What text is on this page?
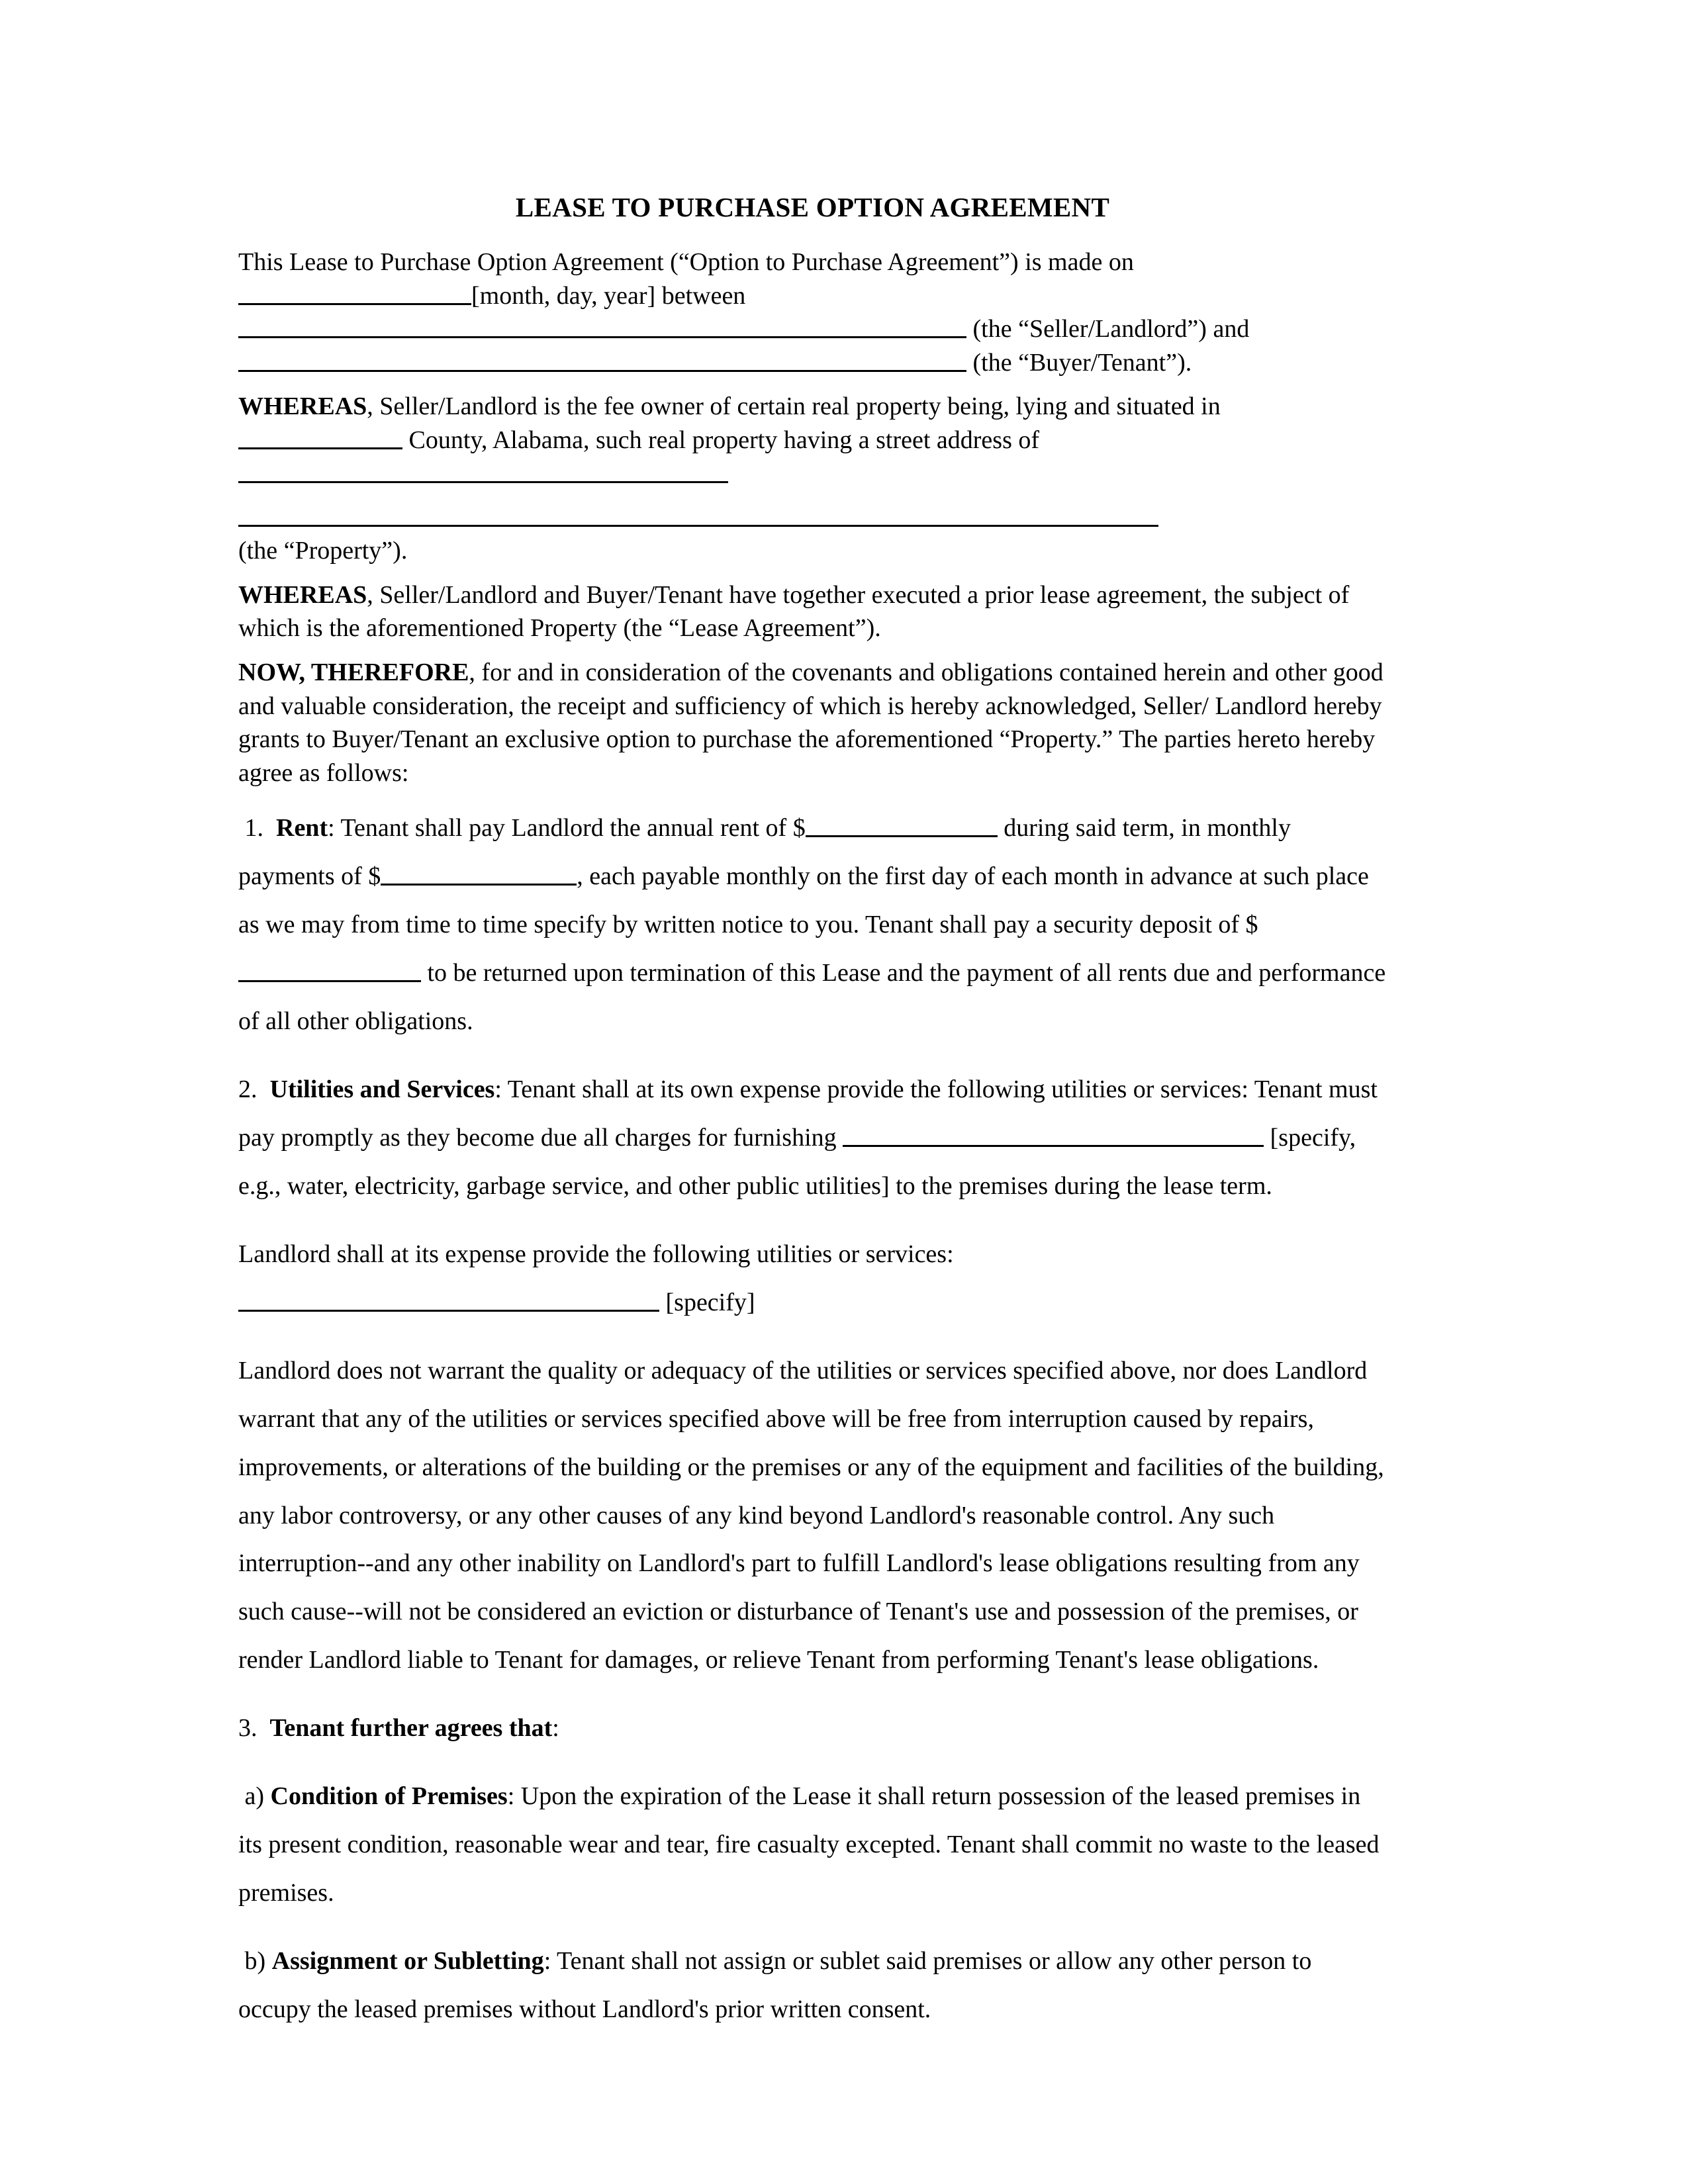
LEASE TO PURCHASE OPTION AGREEMENT

This Lease to Purchase Option Agreement (“Option to Purchase Agreement”) is made on

[month, day, year] between

(the “Seller/Landlord”) and

(the “Buyer/Tenant”).

WHEREAS, Seller/Landlord is the fee owner of certain real property being, lying and situated in

County, Alabama, such real property having a street address of

(the “Property”).

WHEREAS, Seller/Landlord and Buyer/Tenant have together executed a prior lease agreement, the subject of which is the aforementioned Property (the “Lease Agreement”).

NOW, THEREFORE, for and in consideration of the covenants and obligations contained herein and other good and valuable consideration, the receipt and sufficiency of which is hereby acknowledged, Seller/ Landlord hereby grants to Buyer/Tenant an exclusive option to purchase the aforementioned “Property.” The parties hereto hereby agree as follows:

1. Rent: Tenant shall pay Landlord the annual rent of $	during said term, in monthly payments of $	, each payable monthly on the first day of each month in advance at such place as we may from time to time specify by written notice to you. Tenant shall pay a security deposit of $ to be returned upon termination of this Lease and the payment of all rents due and performance of all other obligations.

2. Utilities and Services: Tenant shall at its own expense provide the following utilities or services: Tenant must pay promptly as they become due all charges for furnishing	[specify, e.g., water, electricity, garbage service, and other public utilities] to the premises during the lease term.

Landlord shall at its expense provide the following utilities or services:
[specify]

Landlord does not warrant the quality or adequacy of the utilities or services specified above, nor does Landlord warrant that any of the utilities or services specified above will be free from interruption caused by repairs, improvements, or alterations of the building or the premises or any of the equipment and facilities of the building, any labor controversy, or any other causes of any kind beyond Landlord's reasonable control. Any such interruption--and any other inability on Landlord's part to fulfill Landlord's lease obligations resulting from any such cause--will not be considered an eviction or disturbance of Tenant's use and possession of the premises, or render Landlord liable to Tenant for damages, or relieve Tenant from performing Tenant's lease obligations.

3. Tenant further agrees that:

a) Condition of Premises: Upon the expiration of the Lease it shall return possession of the leased premises in its present condition, reasonable wear and tear, fire casualty excepted. Tenant shall commit no waste to the leased premises.

b) Assignment or Subletting: Tenant shall not assign or sublet said premises or allow any other person to occupy the leased premises without Landlord's prior written consent.
